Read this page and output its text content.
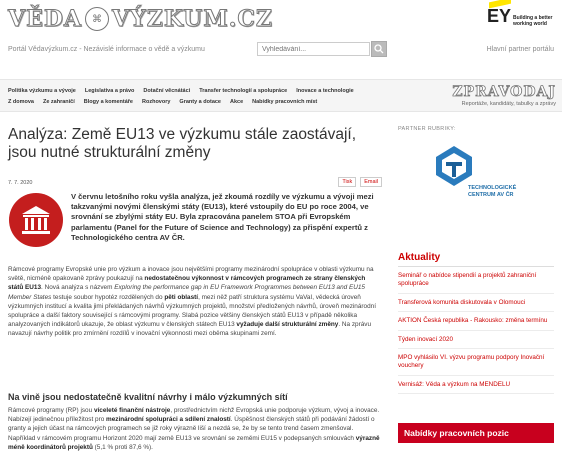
VĚDA	⌘ VÝZKUM.CZ
Portál Vědavýzkum.cz - Nezávislé informace o vědě a výzkumu
Vyhledávání...
EY Building a better working world
Hlavní partner portálu
Politika výzkumu a vývoje Legislativa a právo Dotační věcnátáci Transfer technologií a spolupráce Inovace a technologie
Z domova Ze zahraničí Blogy a komentáře Rozhovory Granty a dotace Akce Nabídky pracovních míst
ZPRAVODAJ
Reportáže, kandidáty, tabulky a zprávy
Analýza: Země EU13 ve výzkumu stále zaostávají, jsou nutné strukturální změny
7. 7. 2020	Tisk	Email

V červnu letošního roku vyšla analýza, jež zkoumá rozdíly ve výzkumu a vývoji mezi takzvanými novými členskými státy (EU13), které vstoupily do EU po roce 2004, ve srovnání se zbylými státy EU. Byla zpracována panelem STOA při Evropském parlamentu (Panel for the Future of Science and Technology) za přispění expertů z Technologického centra AV ČR.

Rámcové programy Evropské unie pro výzkum a inovace jsou největšími programy mezinárodní spolupráce v oblasti výzkumu na světě, nicméně opakovaně zprávy poukazují na nedostatečnou výkonnost v rámcových programech ze strany členských států EU13. Nová analýza s názvem Exploring the performance gap in EU Framework Programmes between EU13 and EU15 Member States testuje soubor hypotéz rozdělených do pěti oblastí, mezi něž patří struktura systému VaVaI, vědecká úroveň výzkumných institucí a kvalita jimi překládaných návrhů výzkumných projektů, množství předložených návrhů, úroveň mezinárodní spolupráce a další faktory související s rámcovými programy. Slabá pozice většiny členských států EU13 v případě několika analyzovaných indikátorů ukazuje, že oblast výzkumu v členských státech EU13 vyžaduje další strukturální změny. Na zprávu navazují návrhy politik pro zmírnění rozdílů v inovační výkonnosti mezi oběma skupinami zemí.

Na vině jsou nedostatečně kvalitní návrhy i málo výzkumných sítí

Rámcové programy (RP) jsou víceleté finanční nástroje, prostřednictvím nichž Evropská unie podporuje výzkum, vývoj a inovace. Nabízejí jedinečnou příležitost pro mezinárodní spolupráci a sdílení znalostí. Úspěšnost členských států při podávání žádostí o granty a jejich účast na rámcových programech se již roky výrazně liší a nezdá se, že by se tento trend časem zmenšoval. Například v rámcovém programu Horizont 2020 mají země EU13 ve srovnání se zeměmi EU15 v podepsaných smlouvách výrazně méně koordinátorů projektů (5,1 % proti 87,6 %).

PARTNER RUBRIKY:
TECHNOLOGICKÉ
CENTRUM AV ČR
Aktuality
Seminář o nabídce stipendií a projektů zahraniční spolupráce
Transferová komunita diskutovala v Olomouci
AKTION Česká republika - Rakousko: změna termínu
Týden inovací 2020
MPO vyhlásilo VI. výzvu programu podpory Inovační vouchery
Vernisáž: Věda a výzkum na MENDELU
Nabídky pracovních pozic
